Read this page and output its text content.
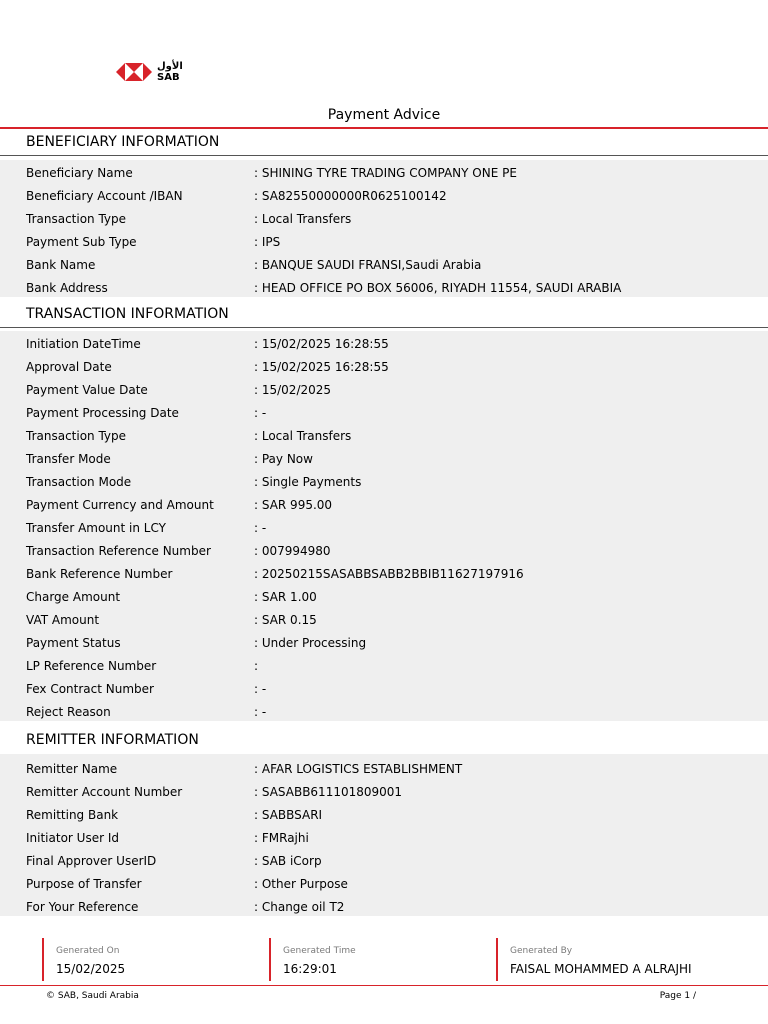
الأول
SAB
Payment Advice
BENEFICIARY INFORMATION
Beneficiary Name	: SHINING TYRE TRADING COMPANY ONE PE
Beneficiary Account /IBAN	: SA82550000000R0625100142
Transaction Type	: Local Transfers
Payment Sub Type	: IPS
Bank Name	: BANQUE SAUDI FRANSI,Saudi Arabia
Bank Address	: HEAD OFFICE PO BOX 56006, RIYADH 11554, SAUDI ARABIA
TRANSACTION INFORMATION
Initiation DateTime	: 15/02/2025 16:28:55
Approval Date	: 15/02/2025 16:28:55
Payment Value Date	: 15/02/2025
Payment Processing Date	: -
Transaction Type	: Local Transfers
Transfer Mode	: Pay Now
Transaction Mode	: Single Payments
Payment Currency and Amount	: SAR 995.00
Transfer Amount in LCY	: -
Transaction Reference Number	: 007994980
Bank Reference Number	: 20250215SASABBSABB2BBIB11627197916
Charge Amount	: SAR 1.00
VAT Amount	: SAR 0.15
Payment Status	: Under Processing
LP Reference Number	:
Fex Contract Number	: -
Reject Reason	: -
REMITTER INFORMATION
Remitter Name	: AFAR LOGISTICS ESTABLISHMENT
Remitter Account Number	: SASABB611101809001
Remitting Bank	: SABBSARI
Initiator User Id	: FMRajhi
Final Approver UserID	: SAB iCorp
Purpose of Transfer	: Other Purpose
For Your Reference	: Change oil T2
Generated On
15/02/2025
Generated Time
16:29:01
Generated By
FAISAL MOHAMMED A ALRAJHI
© SAB, Saudi Arabia	Page 1 /
